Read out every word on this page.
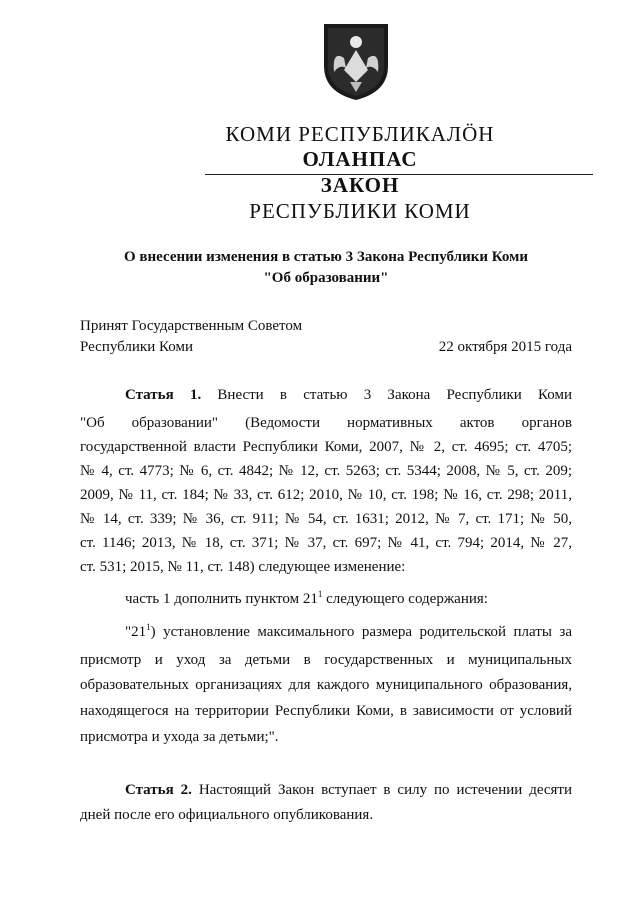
КОМИ РЕСПУБЛИКАЛӦН
ОЛАНПАС
ЗАКОН
РЕСПУБЛИКИ КОМИ
О внесении изменения в статью 3 Закона Республики Коми
"Об образовании"
Принят Государственным Советом
Республики Коми	22 октября 2015 года
Статья 1. Внести в статью 3 Закона Республики Коми
"Об образовании" (Ведомости нормативных актов органов
государственной власти Республики Коми, 2007, № 2, ст. 4695; ст. 4705;
№ 4, ст. 4773; № 6, ст. 4842; № 12, ст. 5263; ст. 5344; 2008, № 5, ст. 209;
2009, № 11, ст. 184; № 33, ст. 612; 2010, № 10, ст. 198; № 16, ст. 298; 2011,
№ 14, ст. 339; № 36, ст. 911; № 54, ст. 1631; 2012, № 7, ст. 171; № 50,
ст. 1146; 2013, № 18, ст. 371; № 37, ст. 697; № 41, ст. 794; 2014, № 27,
ст. 531; 2015, № 11, ст. 148) следующее изменение:
часть 1 дополнить пунктом $21^1$ следующего содержания:
"$21^1$) установление максимального размера родительской платы за
присмотр и уход за детьми в государственных и муниципальных
образовательных организациях для каждого муниципального образования,
находящегося на территории Республики Коми, в зависимости от условий
присмотра и ухода за детьми;".
Статья 2. Настоящий Закон вступает в силу по истечении десяти
дней после его официального опубликования.
